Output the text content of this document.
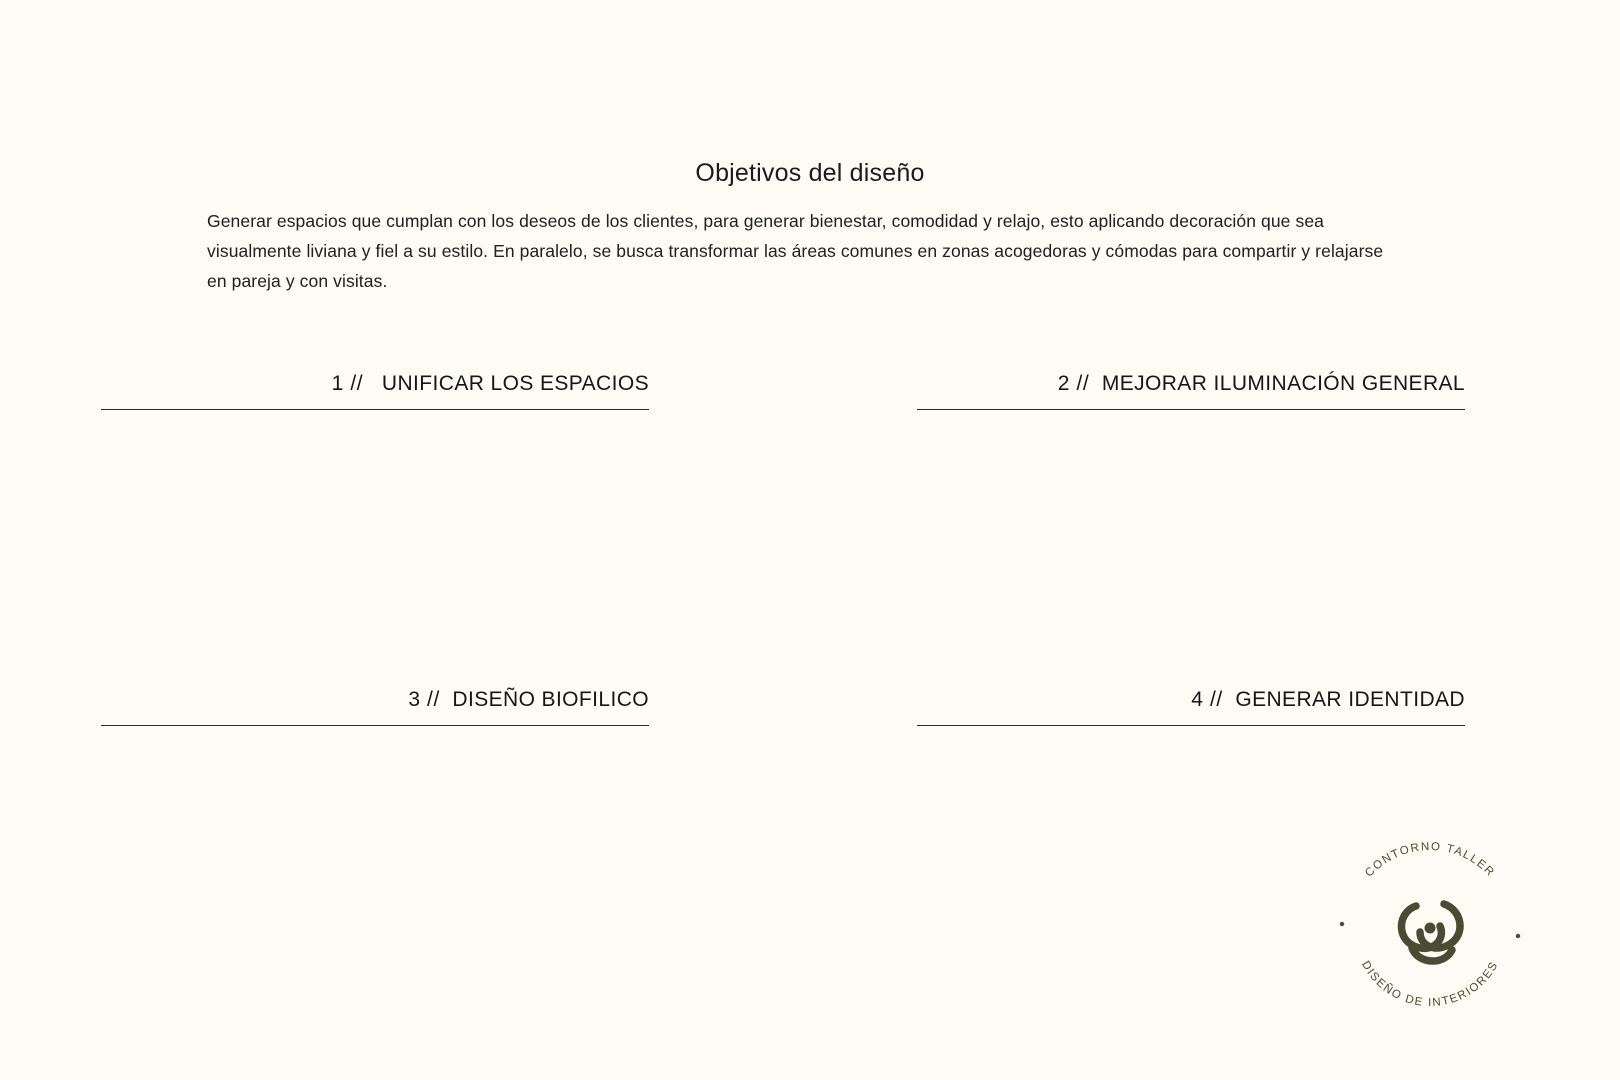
Objetivos del diseño

Generar espacios que cumplan con los deseos de los clientes, para generar bienestar, comodidad y relajo, esto aplicando decoración que sea visualmente liviana y fiel a su estilo. En paralelo, se busca transformar las áreas comunes en zonas acogedoras y cómodas para compartir y relajarse en pareja y con visitas.

1 // UNIFICAR LOS ESPACIOS	2 // MEJORAR ILUMINACIÓN GENERAL
3 // DISEÑO BIOFILICO	4 // GENERAR IDENTIDAD
CONTORNO TALLER
DISEÑO DE INTERIORES
